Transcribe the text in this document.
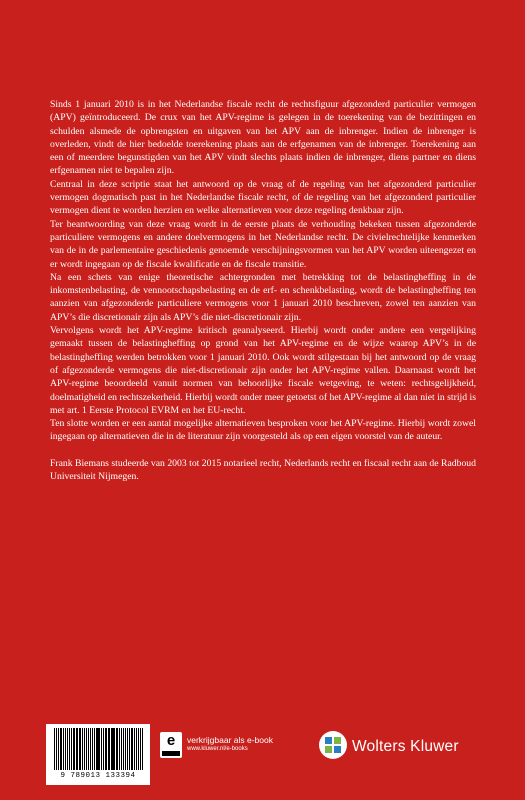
Sinds 1 januari 2010 is in het Nederlandse fiscale recht de rechtsfiguur afgezonderd particulier vermogen (APV) geïntroduceerd. De crux van het APV-regime is gelegen in de toerekening van de bezittingen en schulden alsmede de opbrengsten en uitgaven van het APV aan de inbrenger. Indien de inbrenger is overleden, vindt de hier bedoelde toerekening plaats aan de erfgenamen van de inbrenger. Toerekening aan een of meerdere begunstigden van het APV vindt slechts plaats indien de inbrenger, diens partner en diens erfgenamen niet te bepalen zijn.

Centraal in deze scriptie staat het antwoord op de vraag of de regeling van het afgezonderd particulier vermogen dogmatisch past in het Nederlandse fiscale recht, of de regeling van het afgezonderd particulier vermogen dient te worden herzien en welke alternatieven voor deze regeling denkbaar zijn.

Ter beantwoording van deze vraag wordt in de eerste plaats de verhouding bekeken tussen afgezonderde particuliere vermogens en andere doelvermogens in het Nederlandse recht. De civielrechtelijke kenmerken van de in de parlementaire geschiedenis genoemde verschijningsvormen van het APV worden uiteengezet en er wordt ingegaan op de fiscale kwalificatie en de fiscale transitie.

Na een schets van enige theoretische achtergronden met betrekking tot de belastingheffing in de inkomstenbelasting, de vennootschapsbelasting en de erf- en schenkbelasting, wordt de belastingheffing ten aanzien van afgezonderde particuliere vermogens voor 1 januari 2010 beschreven, zowel ten aanzien van APV’s die discretionair zijn als APV’s die niet-discretionair zijn.

Vervolgens wordt het APV-regime kritisch geanalyseerd. Hierbij wordt onder andere een vergelijking gemaakt tussen de belastingheffing op grond van het APV-regime en de wijze waarop APV’s in de belastingheffing werden betrokken voor 1 januari 2010. Ook wordt stilgestaan bij het antwoord op de vraag of afgezonderde vermogens die niet-discretionair zijn onder het APV-regime vallen. Daarnaast wordt het APV-regime beoordeeld vanuit normen van behoorlijke fiscale wetgeving, te weten: rechtsgelijkheid, doelmatigheid en rechtszekerheid. Hierbij wordt onder meer getoetst of het APV-regime al dan niet in strijd is met art. 1 Eerste Protocol EVRM en het EU-recht.

Ten slotte worden er een aantal mogelijke alternatieven besproken voor het APV-regime. Hierbij wordt zowel ingegaan op alternatieven die in de literatuur zijn voorgesteld als op een eigen voorstel van de auteur.

Frank Biemans studeerde van 2003 tot 2015 notarieel recht, Nederlands recht en fiscaal recht aan de Radboud Universiteit Nijmegen.

9 789013 133394
e	verkrijgbaar als e-book
www.kluwer.nl/e-books	Wolters Kluwer
